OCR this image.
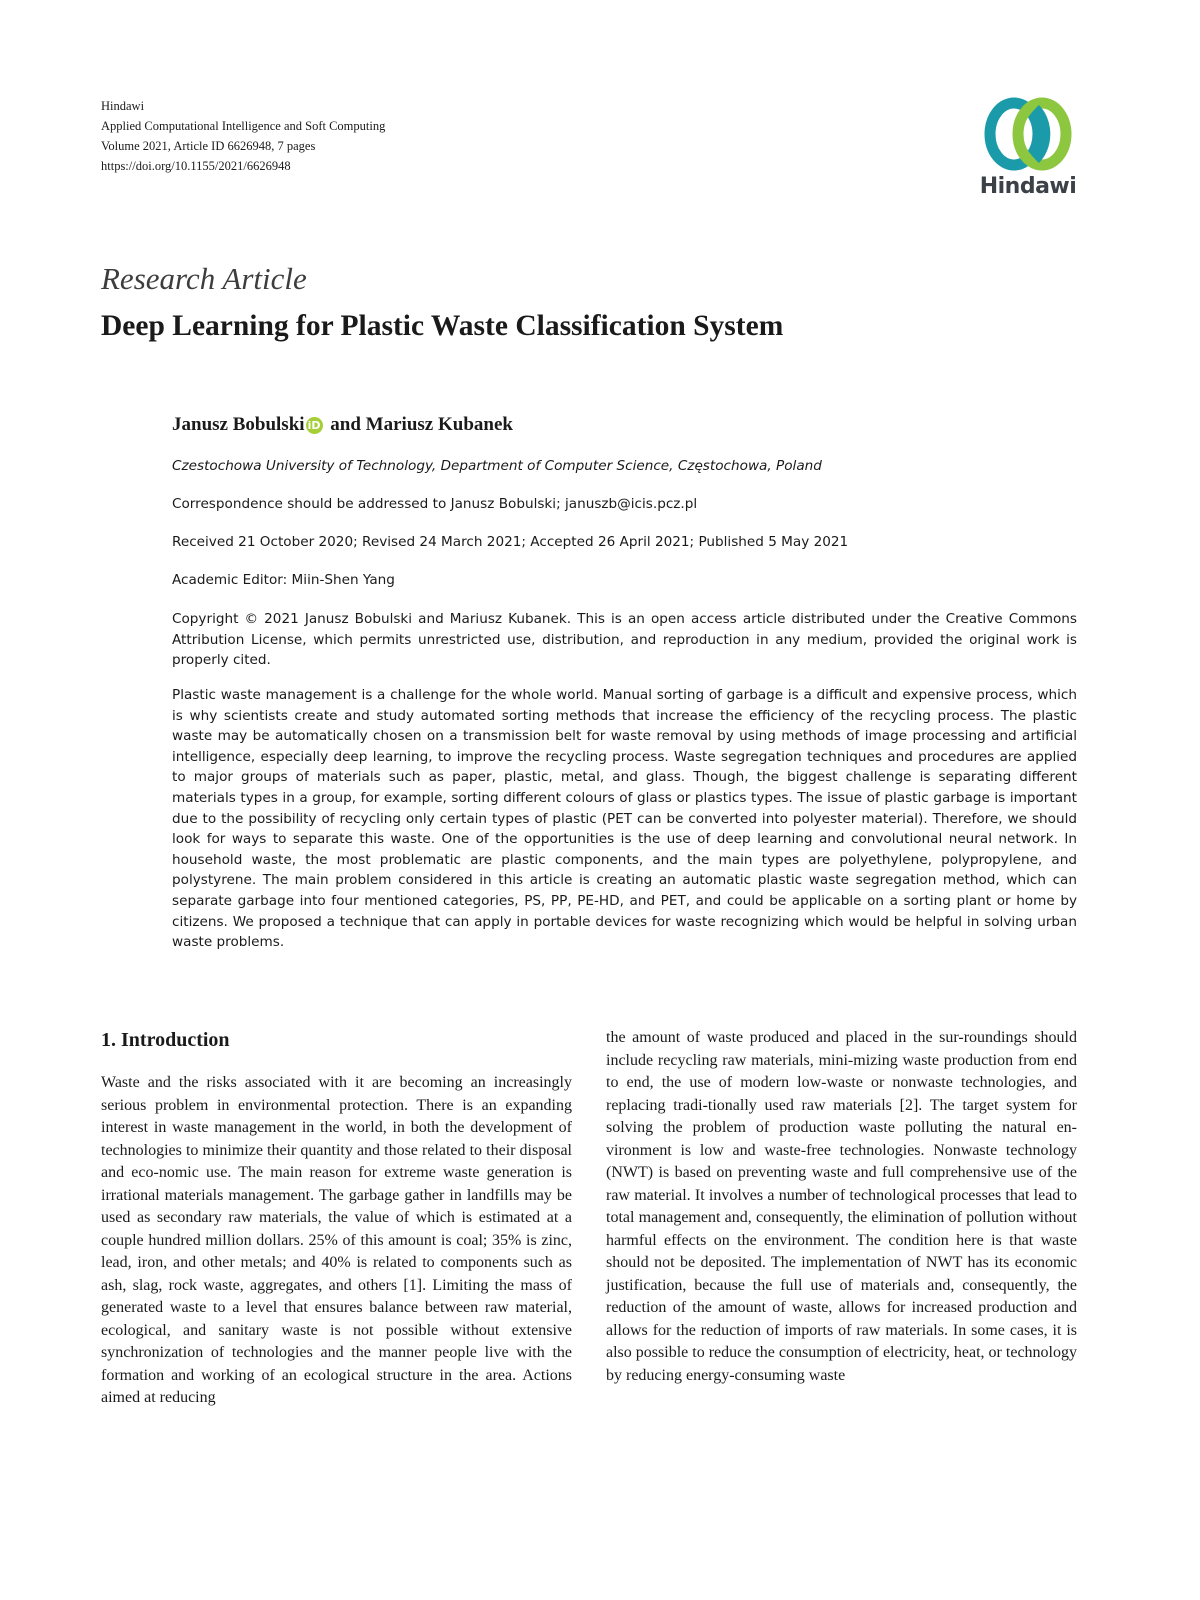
Hindawi
Applied Computational Intelligence and Soft Computing
Volume 2021, Article ID 6626948, 7 pages
https://doi.org/10.1155/2021/6626948
Hindawi
Research Article
Deep Learning for Plastic Waste Classification System
Janusz Bobulski iD and Mariusz Kubanek
Czestochowa University of Technology, Department of Computer Science, Częstochowa, Poland
Correspondence should be addressed to Janusz Bobulski; januszb@icis.pcz.pl
Received 21 October 2020; Revised 24 March 2021; Accepted 26 April 2021; Published 5 May 2021
Academic Editor: Miin-Shen Yang
Copyright © 2021 Janusz Bobulski and Mariusz Kubanek. This is an open access article distributed under the Creative Commons Attribution License, which permits unrestricted use, distribution, and reproduction in any medium, provided the original work is properly cited.
Plastic waste management is a challenge for the whole world. Manual sorting of garbage is a difficult and expensive process, which is why scientists create and study automated sorting methods that increase the efficiency of the recycling process. The plastic waste may be automatically chosen on a transmission belt for waste removal by using methods of image processing and artificial intelligence, especially deep learning, to improve the recycling process. Waste segregation techniques and procedures are applied to major groups of materials such as paper, plastic, metal, and glass. Though, the biggest challenge is separating different materials types in a group, for example, sorting different colours of glass or plastics types. The issue of plastic garbage is important due to the possibility of recycling only certain types of plastic (PET can be converted into polyester material). Therefore, we should look for ways to separate this waste. One of the opportunities is the use of deep learning and convolutional neural network. In household waste, the most problematic are plastic components, and the main types are polyethylene, polypropylene, and polystyrene. The main problem considered in this article is creating an automatic plastic waste segregation method, which can separate garbage into four mentioned categories, PS, PP, PE-HD, and PET, and could be applicable on a sorting plant or home by citizens. We proposed a technique that can apply in portable devices for waste recognizing which would be helpful in solving urban waste problems.
1. Introduction
Waste and the risks associated with it are becoming an increasingly serious problem in environmental protection. There is an expanding interest in waste management in the world, in both the development of technologies to minimize their quantity and those related to their disposal and eco-nomic use. The main reason for extreme waste generation is irrational materials management. The garbage gather in landfills may be used as secondary raw materials, the value of which is estimated at a couple hundred million dollars. 25% of this amount is coal; 35% is zinc, lead, iron, and other metals; and 40% is related to components such as ash, slag, rock waste, aggregates, and others [1]. Limiting the mass of generated waste to a level that ensures balance between raw material, ecological, and sanitary waste is not possible without extensive synchronization of technologies and the manner people live with the formation and working of an ecological structure in the area. Actions aimed at reducing
the amount of waste produced and placed in the sur-roundings should include recycling raw materials, mini-mizing waste production from end to end, the use of modern low-waste or nonwaste technologies, and replacing tradi-tionally used raw materials [2]. The target system for solving the problem of production waste polluting the natural en-vironment is low and waste-free technologies. Nonwaste technology (NWT) is based on preventing waste and full comprehensive use of the raw material. It involves a number of technological processes that lead to total management and, consequently, the elimination of pollution without harmful effects on the environment. The condition here is that waste should not be deposited. The implementation of NWT has its economic justification, because the full use of materials and, consequently, the reduction of the amount of waste, allows for increased production and allows for the reduction of imports of raw materials. In some cases, it is also possible to reduce the consumption of electricity, heat, or technology by reducing energy-consuming waste
